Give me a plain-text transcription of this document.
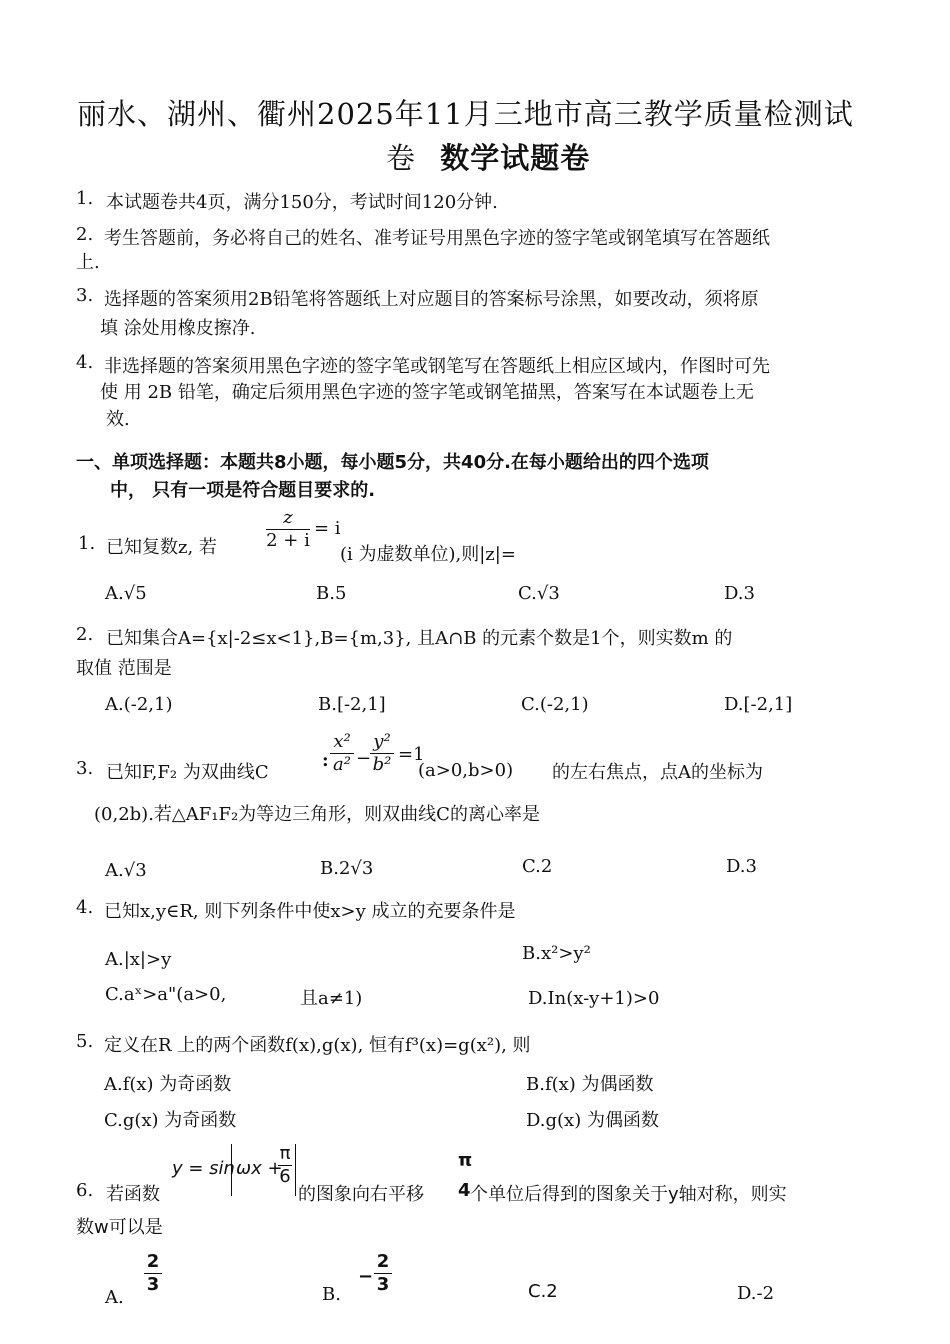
丽水、湖州、衢州2025年11月三地市高三教学质量检测试
卷 数学试题卷
1. 本试题卷共4页，满分150分，考试时间120分钟.
2. 考生答题前，务必将自己的姓名、准考证号用黑色字迹的签字笔或钢笔填写在答题纸
上.
3. 选择题的答案须用2B铅笔将答题纸上对应题目的答案标号涂黑，如要改动，须将原
填 涂处用橡皮擦净.
4. 非选择题的答案须用黑色字迹的签字笔或钢笔写在答题纸上相应区域内，作图时可先
使 用 2B 铅笔，确定后须用黑色字迹的签字笔或钢笔描黑，答案写在本试题卷上无
效.
一、单项选择题：本题共8小题，每小题5分，共40分.在每小题给出的四个选项
中， 只有一项是符合题目要求的.
1. 已知复数z, 若
z
2 + i
= i
(i 为虚数单位),则|z|=
A.√5	B.5	C.√3	D.3
2. 已知集合A={x|-2≤x<1},B={m,3}, 且A∩B 的元素个数是1个，则实数m 的
取值 范围是
A.(-2,1)	B.[-2,1]	C.(-2,1)	D.[-2,1]
3. 已知F,F₂ 为双曲线C
:
x²
a² −
y²
b² =1
(a>0,b>0) 的左右焦点，点A的坐标为
(0,2b).若△AF₁F₂为等边三角形，则双曲线C的离心率是
A.√3	B.2√3	C.2	D.3
4. 已知x,y∈R, 则下列条件中使x>y 成立的充要条件是
A.|x|>y	B.x²>y²
C.aˣ>a"(a>0,	且a≠1)	D.In(x-y+1)>0
5. 定义在R 上的两个函数f(x),g(x), 恒有f³(x)=g(x²), 则
A.f(x) 为奇函数	B.f(x) 为偶函数
C.g(x) 为奇函数	D.g(x) 为偶函数
6. 若函数
y = sin ωx +
π
6
的图象向右平移
π
4 个单位后得到的图象关于y轴对称，则实
数w可以是
A.
2
3	B.
−
2
3	C.2	D.-2
